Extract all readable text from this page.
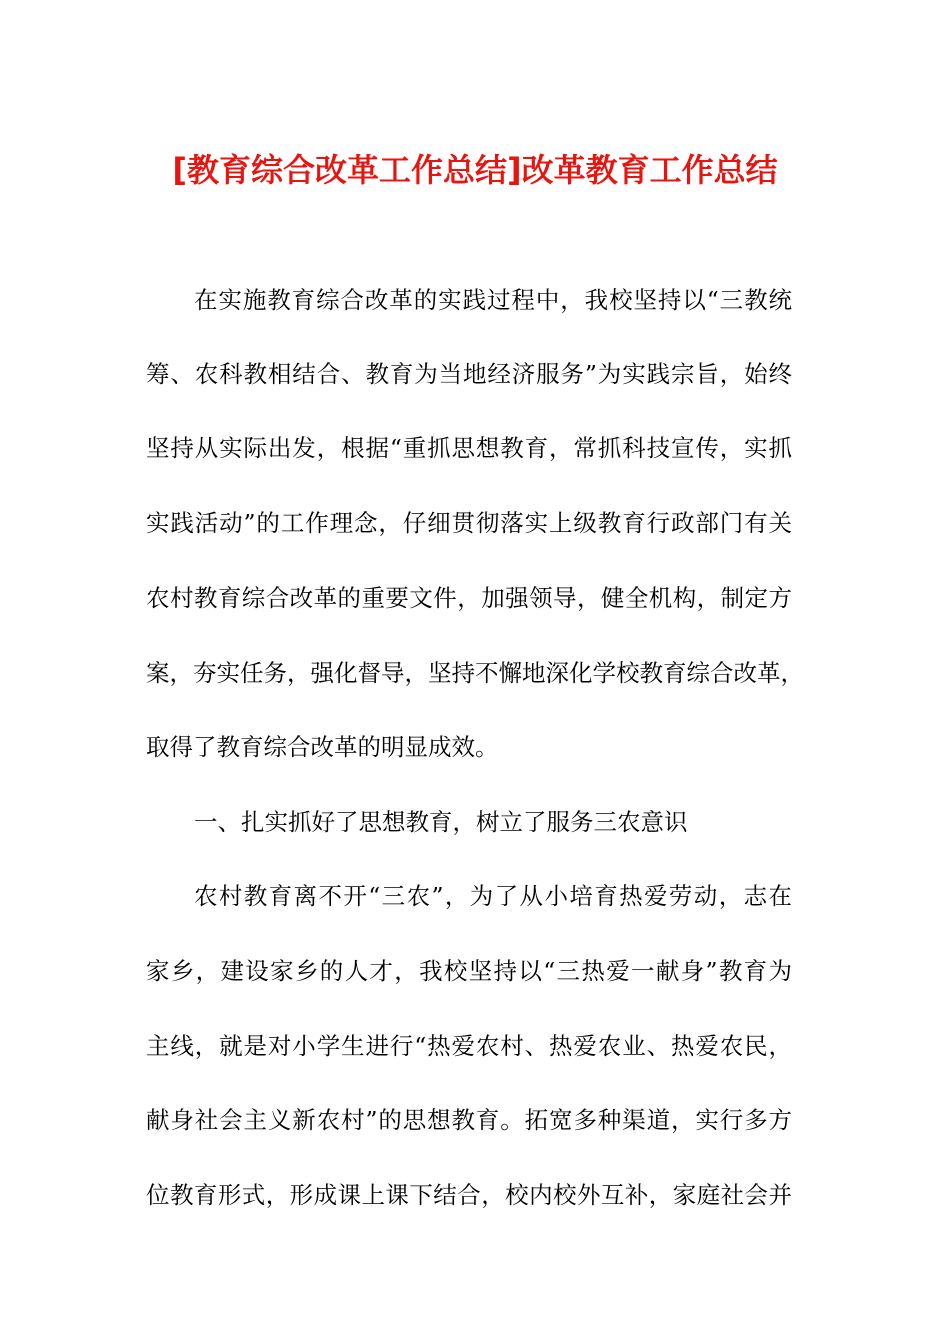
[教育综合改革工作总结]改革教育工作总结
在实施教育综合改革的实践过程中，我校坚持以“三教统
筹、农科教相结合、教育为当地经济服务”为实践宗旨，始终
坚持从实际出发，根据“重抓思想教育，常抓科技宣传，实抓
实践活动”的工作理念，仔细贯彻落实上级教育行政部门有关
农村教育综合改革的重要文件，加强领导，健全机构，制定方
案，夯实任务，强化督导，坚持不懈地深化学校教育综合改革，
取得了教育综合改革的明显成效。
一、扎实抓好了思想教育，树立了服务三农意识
农村教育离不开“三农”，为了从小培育热爱劳动，志在
家乡，建设家乡的人才，我校坚持以“三热爱一献身”教育为
主线，就是对小学生进行“热爱农村、热爱农业、热爱农民，
献身社会主义新农村”的思想教育。拓宽多种渠道，实行多方
位教育形式，形成课上课下结合，校内校外互补，家庭社会并
